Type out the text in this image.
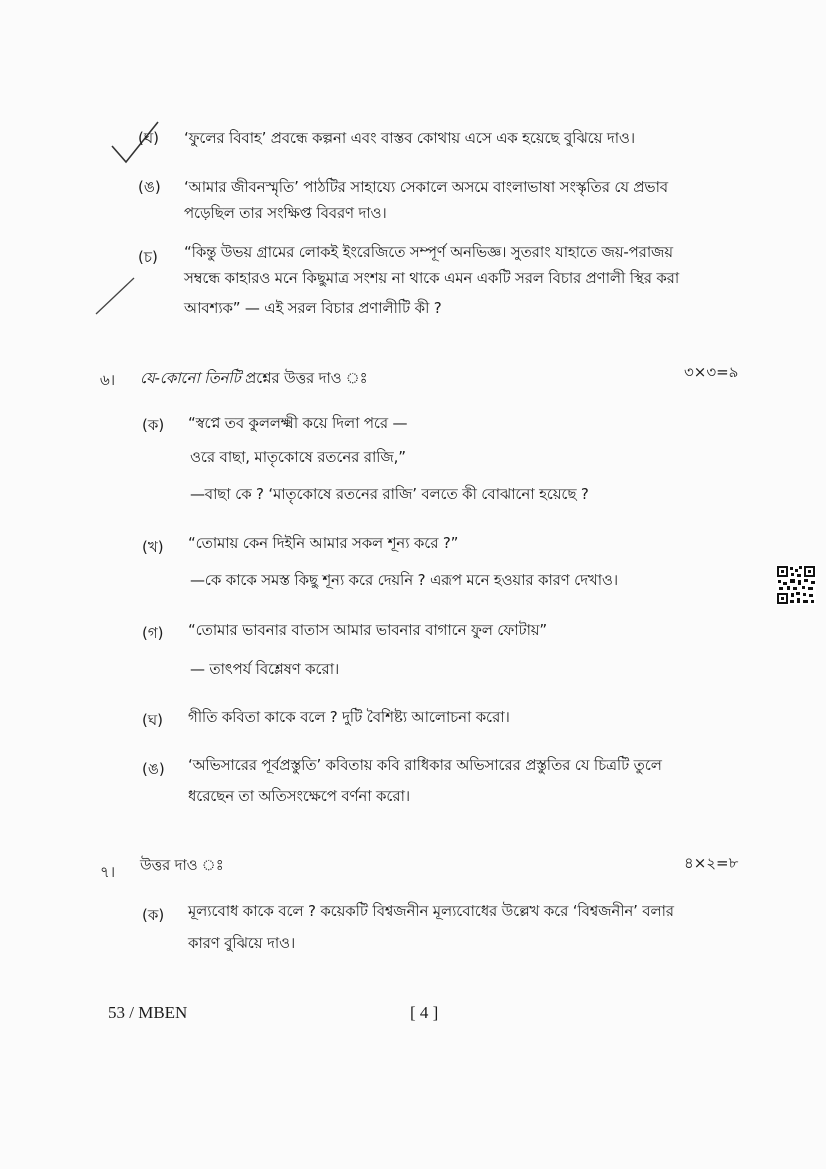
(ঘ) ‘ফুলের বিবাহ’ প্রবন্ধে কল্পনা এবং বাস্তব কোথায় এসে এক হয়েছে বুঝিয়ে দাও।
(ঙ) ‘আমার জীবনস্মৃতি’ পাঠটির সাহায্যে সেকালে অসমে বাংলাভাষা সংস্কৃতির যে প্রভাব
পড়েছিল তার সংক্ষিপ্ত বিবরণ দাও।
(চ) “কিন্তু উভয় গ্রামের লোকই ইংরেজিতে সম্পূর্ণ অনভিজ্ঞ। সুতরাং যাহাতে জয়-পরাজয়
সম্বন্ধে কাহারও মনে কিছুমাত্র সংশয় না থাকে এমন একটি সরল বিচার প্রণালী স্থির করা
আবশ্যক” — এই সরল বিচার প্রণালীটি কী ?
৬। যে-কোনো তিনটি প্রশ্নের উত্তর দাও ঃ	৩×৩=৯
(ক) “স্বপ্নে তব কুললক্ষ্মী কয়ে দিলা পরে —
ওরে বাছা, মাতৃকোষে রতনের রাজি,”
—বাছা কে ? ‘মাতৃকোষে রতনের রাজি’ বলতে কী বোঝানো হয়েছে ?
(খ) “তোমায় কেন দিইনি আমার সকল শূন্য করে ?”
—কে কাকে সমস্ত কিছু শূন্য করে দেয়নি ? এরূপ মনে হওয়ার কারণ দেখাও।
(গ) “তোমার ভাবনার বাতাস আমার ভাবনার বাগানে ফুল ফোটায়”
— তাৎপর্য বিশ্লেষণ করো।
(ঘ) গীতি কবিতা কাকে বলে ? দুটি বৈশিষ্ট্য আলোচনা করো।
(ঙ) ‘অভিসারের পূর্বপ্রস্তুতি’ কবিতায় কবি রাধিকার অভিসারের প্রস্তুতির যে চিত্রটি তুলে
ধরেছেন তা অতিসংক্ষেপে বর্ণনা করো।
৭। উত্তর দাও ঃ	৪×২=৮
(ক) মূল্যবোধ কাকে বলে ? কয়েকটি বিশ্বজনীন মূল্যবোধের উল্লেখ করে ‘বিশ্বজনীন’ বলার
কারণ বুঝিয়ে দাও।
53 / MBEN	[ 4 ]
